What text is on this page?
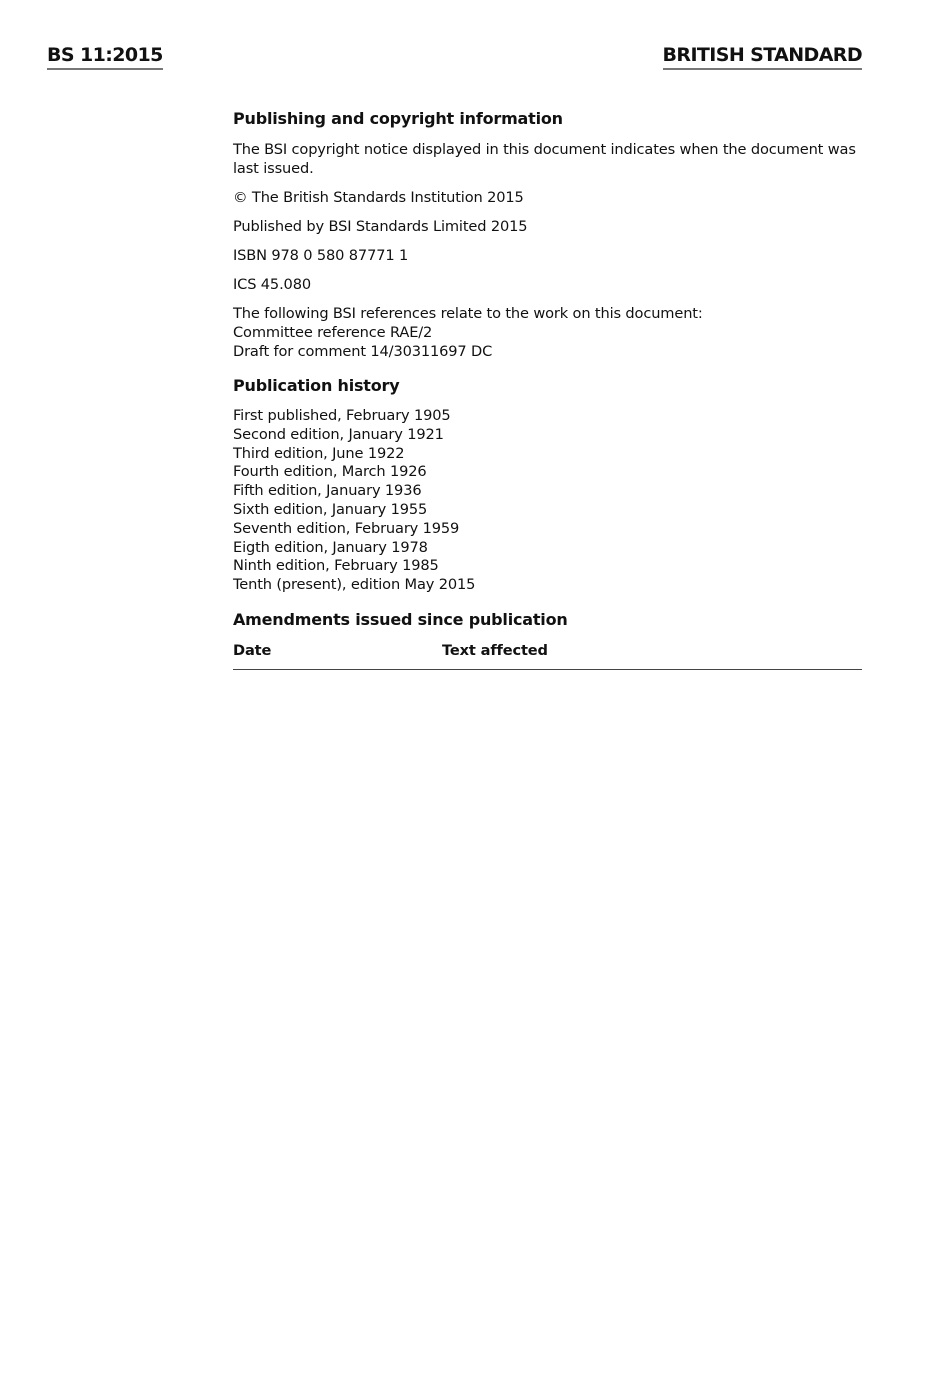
BS 11:2015	BRITISH STANDARD
Publishing and copyright information

The BSI copyright notice displayed in this document indicates when the document was last issued.

© The British Standards Institution 2015

Published by BSI Standards Limited 2015

ISBN 978 0 580 87771 1

ICS 45.080

The following BSI references relate to the work on this document:
Committee reference RAE/2
Draft for comment 14/30311697 DC
Publication history
First published, February 1905
Second edition, January 1921
Third edition, June 1922
Fourth edition, March 1926
Fifth edition, January 1936
Sixth edition, January 1955
Seventh edition, February 1959
Eigth edition, January 1978
Ninth edition, February 1985
Tenth (present), edition May 2015
Amendments issued since publication
Date	Text affected
